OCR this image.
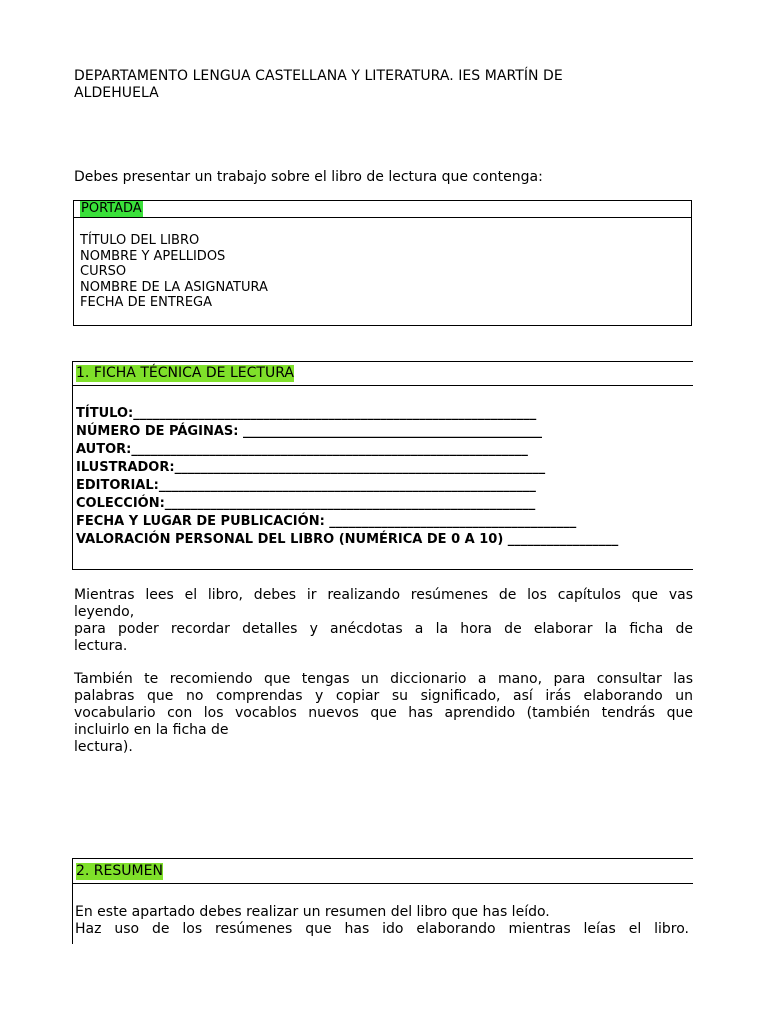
DEPARTAMENTO LENGUA CASTELLANA Y LITERATURA. IES MARTÍN DE
ALDEHUELA
Debes presentar un trabajo sobre el libro de lectura que contenga:
PORTADA
TÍTULO DEL LIBRO
NOMBRE Y APELLIDOS
CURSO
NOMBRE DE LA ASIGNATURA
FECHA DE ENTREGA
1. FICHA TÉCNICA DE LECTURA
TÍTULO:______________________________________________________________
NÚMERO DE PÁGINAS: ______________________________________________
AUTOR:_____________________________________________________________
ILUSTRADOR:_________________________________________________________
EDITORIAL:__________________________________________________________
COLECCIÓN:_________________________________________________________
FECHA Y LUGAR DE PUBLICACIÓN: ______________________________________
VALORACIÓN PERSONAL DEL LIBRO (NUMÉRICA DE 0 A 10) _________________

Mientras lees el libro, debes ir realizando resúmenes de los capítulos que vas
leyendo,

para poder recordar detalles y anécdotas a la hora de elaborar la ficha de
lectura.

También te recomiendo que tengas un diccionario a mano, para consultar las
palabras que no comprendas y copiar su significado, así irás elaborando un
vocabulario con los vocablos nuevos que has aprendido (también tendrás que
incluirlo en la ficha de
lectura).

2. RESUMEN

En este apartado debes realizar un resumen del libro que has leído.
Haz uso de los resúmenes que has ido elaborando mientras leías el libro.
